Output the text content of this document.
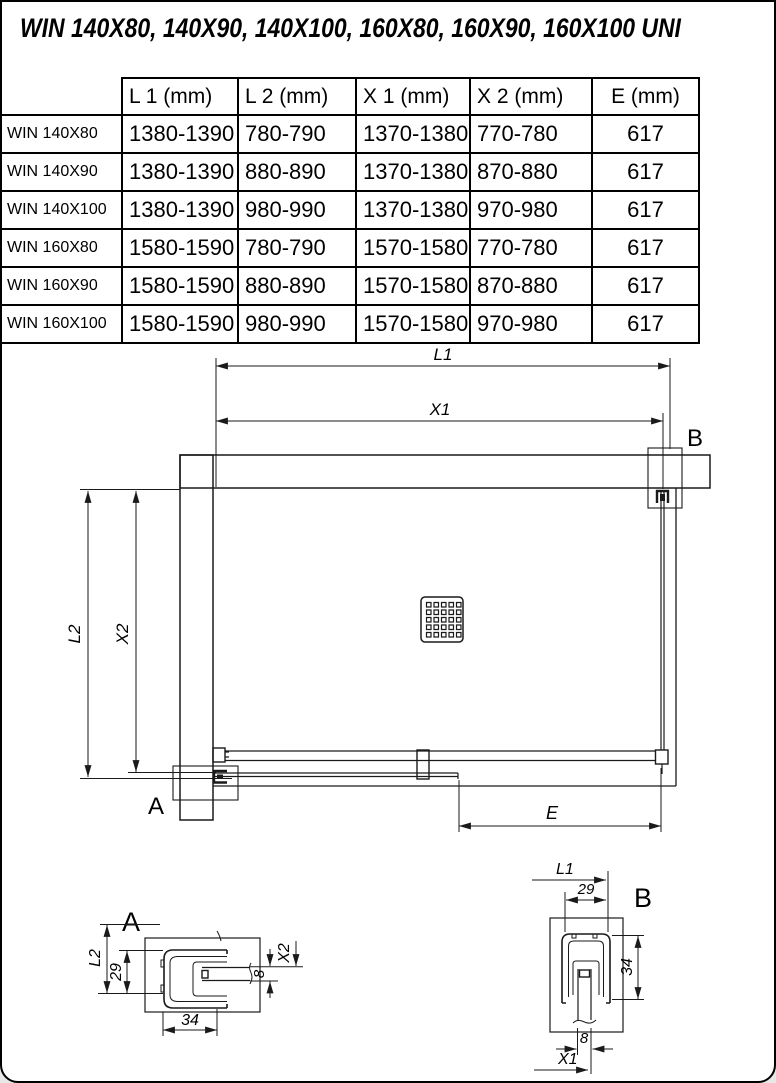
WIN 140X80, 140X90, 140X100, 160X80, 160X90, 160X100 UNI
	L 1 (mm)	L 2 (mm)	X 1 (mm)	X 2 (mm)	E (mm)
WIN 140X80	1380-1390	780-790	1370-1380	770-780	617
WIN 140X90	1380-1390	880-890	1370-1380	870-880	617
WIN 140X100	1380-1390	980-990	1370-1380	970-980	617
WIN 160X80	1580-1590	780-790	1570-1580	770-780	617
WIN 160X90	1580-1590	880-890	1570-1580	870-880	617
WIN 160X100	1580-1590	980-990	1570-1580	970-980	617
L1
X1
L2 X2
B
A	E
A
L2
29
X2
8
34
B
L1
29
34
8
X1
